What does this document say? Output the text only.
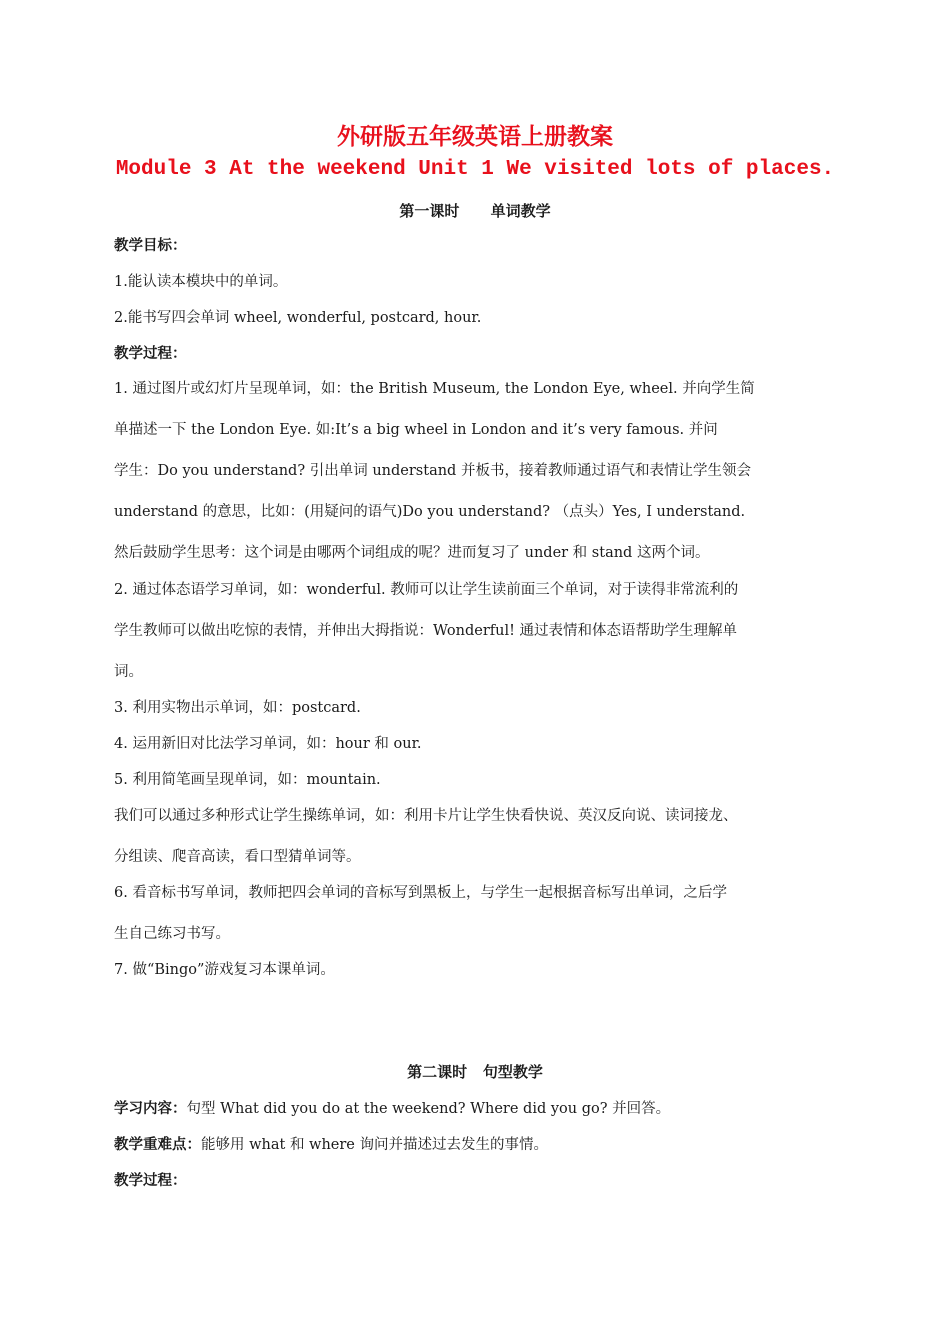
外研版五年级英语上册教案
Module 3 At the weekend Unit 1 We visited lots of places.
第一课时      单词教学
教学目标：
1.能认读本模块中的单词。
2.能书写四会单词 wheel, wonderful, postcard, hour.
教学过程：
1. 通过图片或幻灯片呈现单词，如：the British Museum, the London Eye, wheel. 并向学生简
单描述一下 the London Eye. 如:It’s a big wheel in London and it’s very famous. 并问
学生：Do you understand? 引出单词 understand 并板书，接着教师通过语气和表情让学生领会
understand 的意思，比如：(用疑问的语气)Do you understand? （点头）Yes, I understand.
然后鼓励学生思考：这个词是由哪两个词组成的呢？进而复习了 under 和 stand 这两个词。
2. 通过体态语学习单词，如：wonderful. 教师可以让学生读前面三个单词，对于读得非常流利的
学生教师可以做出吃惊的表情，并伸出大拇指说：Wonderful! 通过表情和体态语帮助学生理解单
词。
3. 利用实物出示单词，如：postcard.
4. 运用新旧对比法学习单词，如：hour 和 our.
5. 利用简笔画呈现单词，如：mountain.
我们可以通过多种形式让学生操练单词，如：利用卡片让学生快看快说、英汉反向说、读词接龙、
分组读、爬音高读，看口型猜单词等。
6. 看音标书写单词，教师把四会单词的音标写到黑板上，与学生一起根据音标写出单词，之后学
生自己练习书写。
7. 做“Bingo”游戏复习本课单词。
第二课时   句型教学
学习内容：句型 What did you do at the weekend? Where did you go? 并回答。
教学重难点：能够用 what 和 where 询问并描述过去发生的事情。
教学过程：
